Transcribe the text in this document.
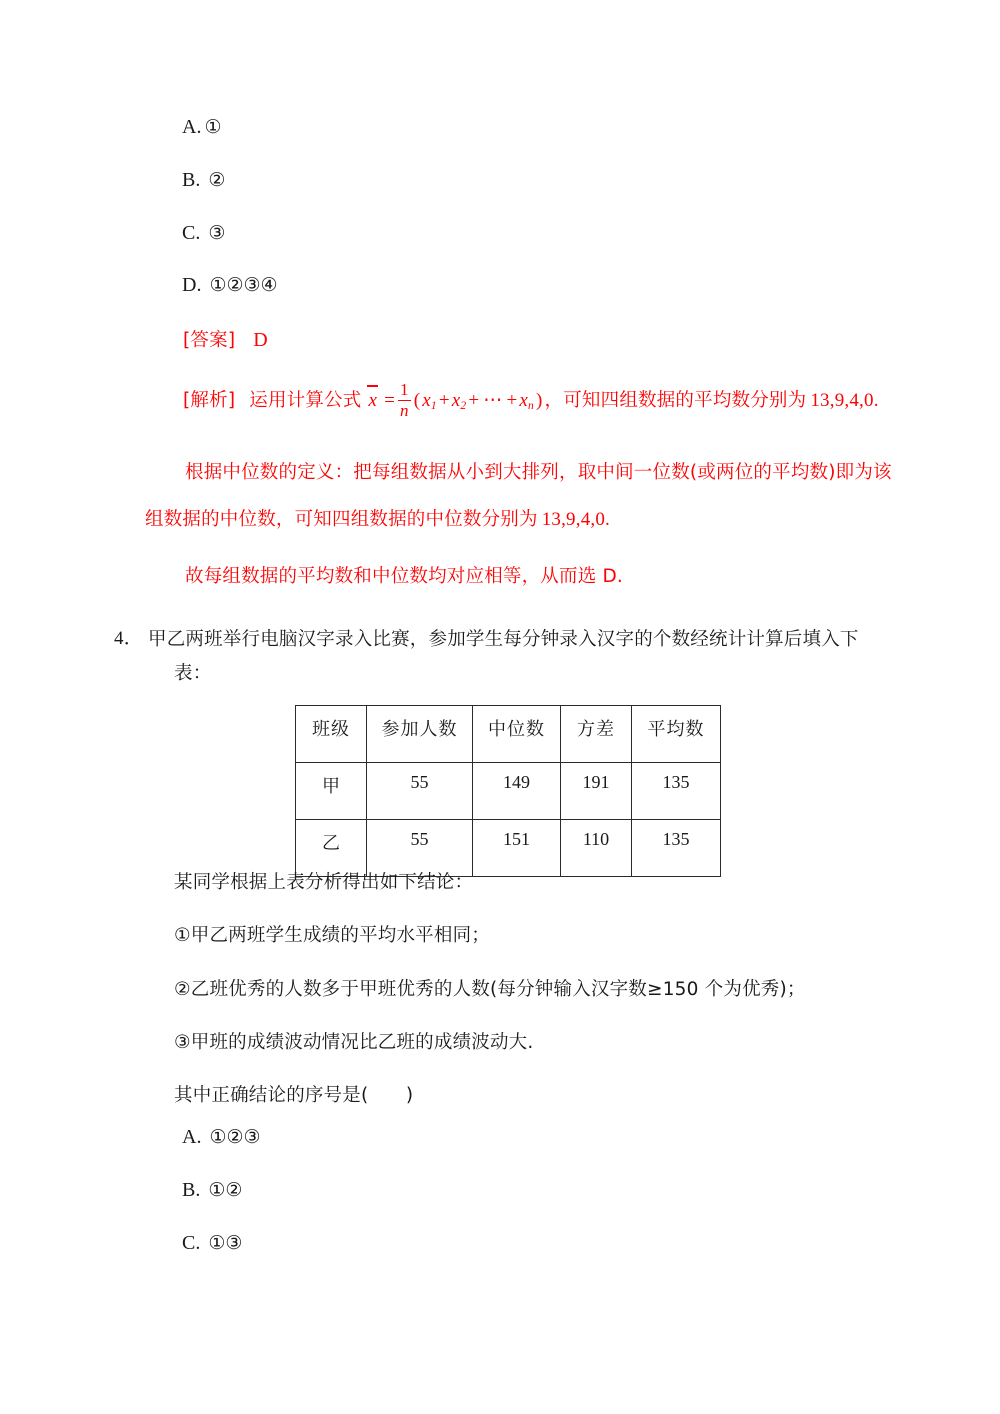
A. ①
B. ②
C. ③
D. ①②③④
[答案] D
[解析] 运用计算公式 $x = \frac{1}{n}$ ( $x_1 + x_2$ + ⋯ + $x_n$ ) ，可知四组数据的平均数分别为 13,9,4,0.
根据中位数的定义：把每组数据从小到大排列，取中间一位数(或两位的平均数)即为该
组数据的中位数，可知四组数据的中位数分别为 13,9,4,0.
故每组数据的平均数和中位数均对应相等，从而选 D.
4． 甲乙两班举行电脑汉字录入比赛，参加学生每分钟录入汉字的个数经统计计算后填入下
表：
班级	参加人数	中位数	方差	平均数
甲	55	149	191	135
乙	55	151	110	135
某同学根据上表分析得出如下结论：
①甲乙两班学生成绩的平均水平相同；
②乙班优秀的人数多于甲班优秀的人数(每分钟输入汉字数≥150 个为优秀)；
③甲班的成绩波动情况比乙班的成绩波动大.
其中正确结论的序号是(　　)
A. ①②③
B. ①②
C. ①③
